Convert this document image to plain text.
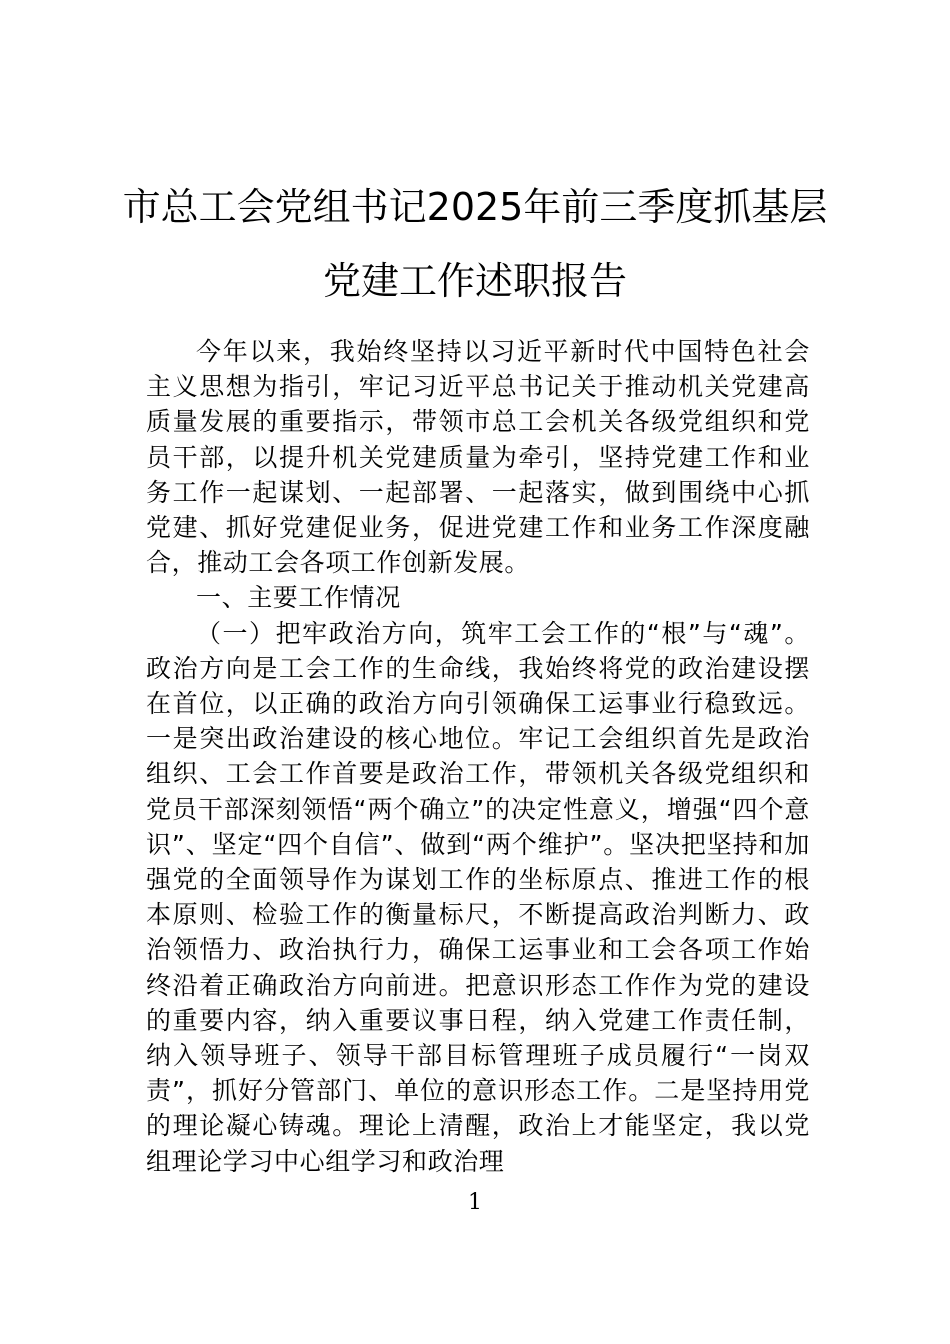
市总工会党组书记2025年前三季度抓基层
党建工作述职报告

今年以来，我始终坚持以习近平新时代中国特色社会主义思想为指引，牢记习近平总书记关于推动机关党建高质量发展的重要指示，带领市总工会机关各级党组织和党员干部，以提升机关党建质量为牵引，坚持党建工作和业务工作一起谋划、一起部署、一起落实，做到围绕中心抓党建、抓好党建促业务，促进党建工作和业务工作深度融合，推动工会各项工作创新发展。

一、主要工作情况

（一）把牢政治方向，筑牢工会工作的“根”与“魂”。政治方向是工会工作的生命线，我始终将党的政治建设摆在首位，以正确的政治方向引领确保工运事业行稳致远。一是突出政治建设的核心地位。牢记工会组织首先是政治组织、工会工作首要是政治工作，带领机关各级党组织和党员干部深刻领悟“两个确立”的决定性意义，增强“四个意识”、坚定“四个自信”、做到“两个维护”。坚决把坚持和加强党的全面领导作为谋划工作的坐标原点、推进工作的根本原则、检验工作的衡量标尺，不断提高政治判断力、政治领悟力、政治执行力，确保工运事业和工会各项工作始终沿着正确政治方向前进。把意识形态工作作为党的建设的重要内容，纳入重要议事日程，纳入党建工作责任制，纳入领导班子、领导干部目标管理班子成员履行“一岗双责”，抓好分管部门、单位的意识形态工作。二是坚持用党的理论凝心铸魂。理论上清醒，政治上才能坚定，我以党组理论学习中心组学习和政治理

1
